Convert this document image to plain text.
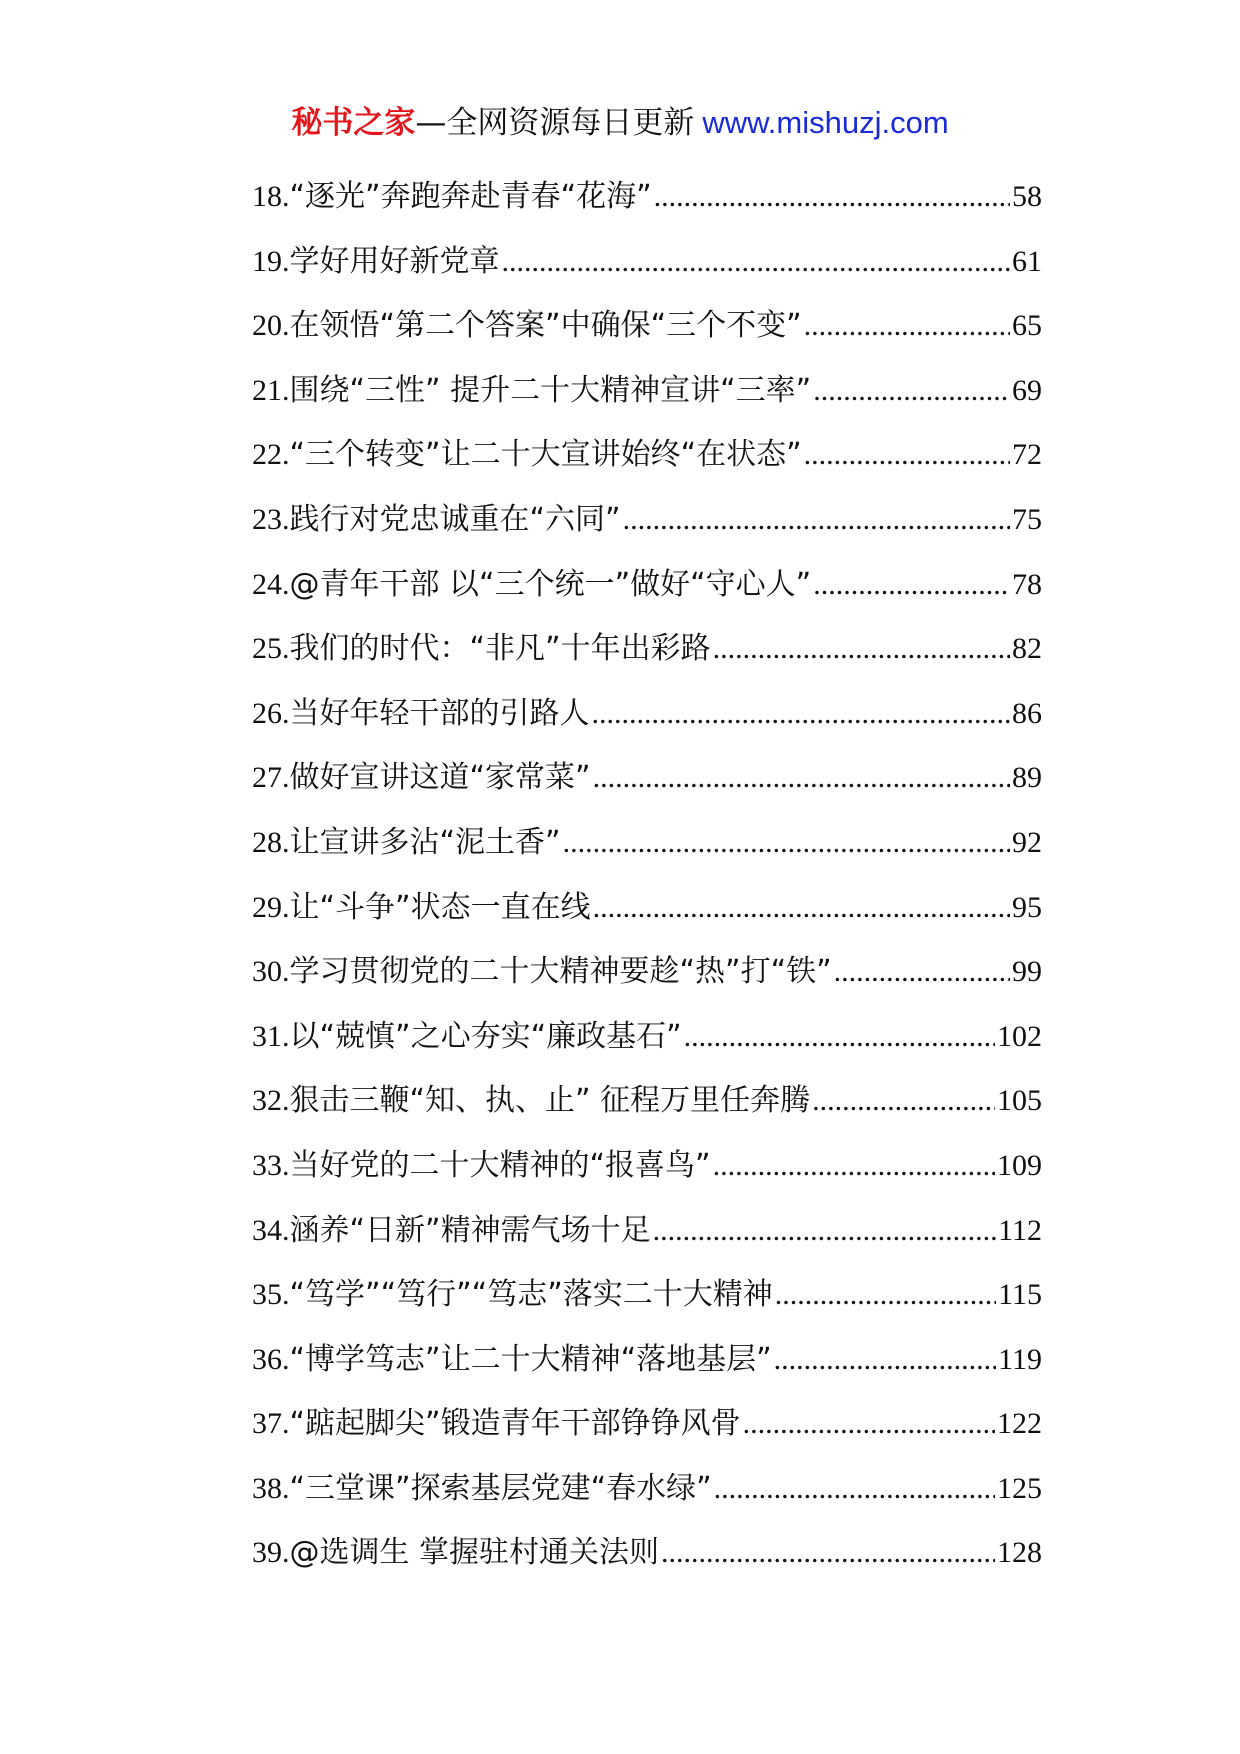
秘书之家—全网资源每日更新 www.mishuzj.com
18.“逐光”奔跑奔赴青春“花海” .....	58
19.学好用好新党章 .....	61
20.在领悟“第二个答案”中确保“三个不变” .....	65
21.围绕“三性” 提升二十大精神宣讲“三率” .....	69
22.“三个转变”让二十大宣讲始终“在状态” .....	72
23.践行对党忠诚重在“六同” .....	75
24.@青年干部 以“三个统一”做好“守心人” .....	78
25.我们的时代：“非凡”十年出彩路 .....	82
26.当好年轻干部的引路人 .....	86
27.做好宣讲这道“家常菜” .....	89
28.让宣讲多沾“泥土香” .....	92
29.让“斗争”状态一直在线 .....	95
30.学习贯彻党的二十大精神要趁“热”打“铁” .....	99
31.以“兢慎”之心夯实“廉政基石” .....	102
32.狠击三鞭“知、执、止” 征程万里任奔腾 .....	105
33.当好党的二十大精神的“报喜鸟” .....	109
34.涵养“日新”精神需气场十足 .....	112
35.“笃学”“笃行”“笃志”落实二十大精神 .....	115
36.“博学笃志”让二十大精神“落地基层” .....	119
37.“踮起脚尖”锻造青年干部铮铮风骨 .....	122
38.“三堂课”探索基层党建“春水绿” .....	125
39.@选调生 掌握驻村通关法则 .....	128
